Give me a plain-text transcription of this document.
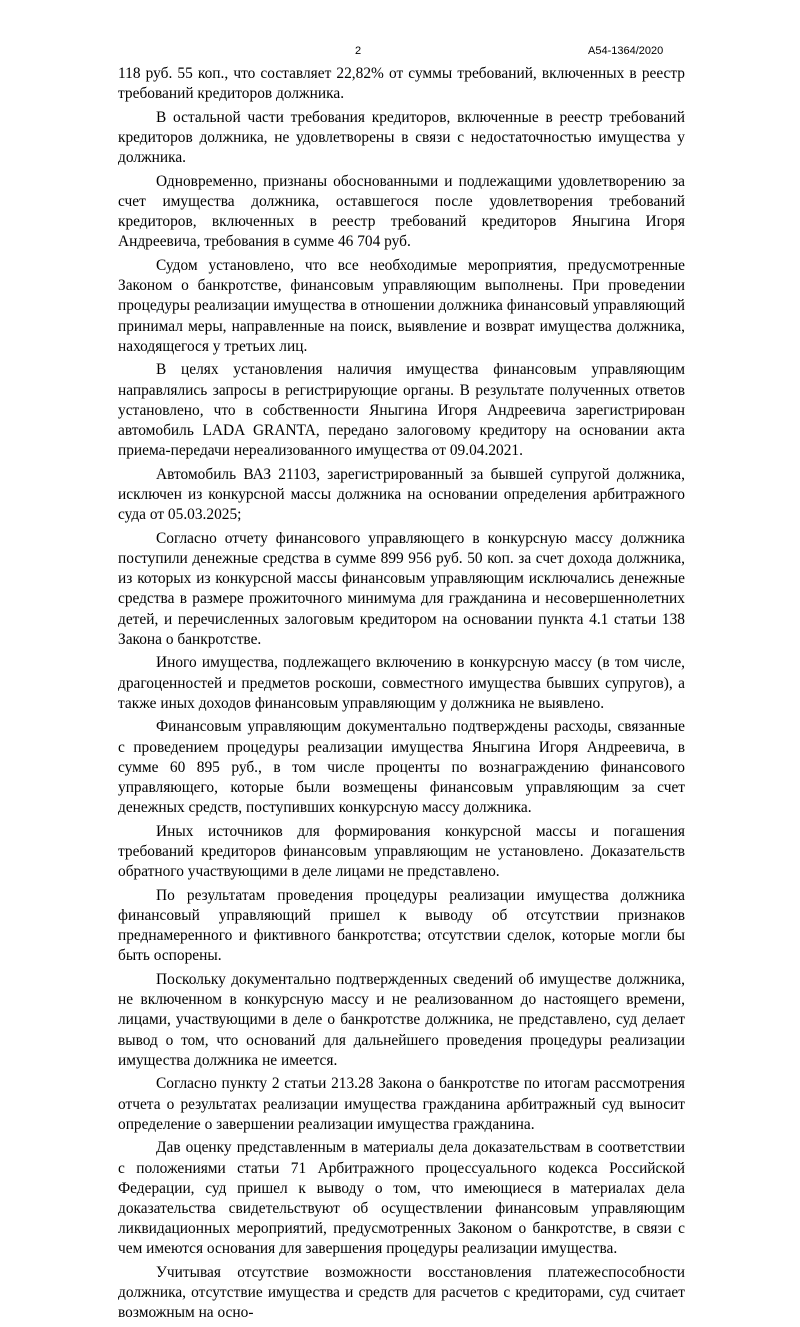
2	А54-1364/2020

118 руб. 55 коп., что составляет 22,82% от суммы требований, включенных в реестр требований кредиторов должника.

В остальной части требования кредиторов, включенные в реестр требований кредиторов должника, не удовлетворены в связи с недостаточностью имущества у должника.

Одновременно, признаны обоснованными и подлежащими удовлетворению за счет имущества должника, оставшегося после удовлетворения требований кредиторов, включенных в реестр требований кредиторов Яныгина Игоря Андреевича, требования в сумме 46 704 руб.

Судом установлено, что все необходимые мероприятия, предусмотренные Законом о банкротстве, финансовым управляющим выполнены. При проведении процедуры реализации имущества в отношении должника финансовый управляющий принимал меры, направленные на поиск, выявление и возврат имущества должника, находящегося у третьих лиц.

В целях установления наличия имущества финансовым управляющим направлялись запросы в регистрирующие органы. В результате полученных ответов установлено, что в собственности Яныгина Игоря Андреевича зарегистрирован автомобиль LADA GRANTA, передано залоговому кредитору на основании акта приема-передачи нереализованного имущества от 09.04.2021.

Автомобиль ВАЗ 21103, зарегистрированный за бывшей супругой должника, исключен из конкурсной массы должника на основании определения арбитражного суда от 05.03.2025;

Согласно отчету финансового управляющего в конкурсную массу должника поступили денежные средства в сумме 899 956 руб. 50 коп. за счет дохода должника, из которых из конкурсной массы финансовым управляющим исключались денежные средства в размере прожиточного минимума для гражданина и несовершеннолетних детей, и перечисленных залоговым кредитором на основании пункта 4.1 статьи 138 Закона о банкротстве.

Иного имущества, подлежащего включению в конкурсную массу (в том числе, драгоценностей и предметов роскоши, совместного имущества бывших супругов), а также иных доходов финансовым управляющим у должника не выявлено.

Финансовым управляющим документально подтверждены расходы, связанные с проведением процедуры реализации имущества Яныгина Игоря Андреевича, в сумме 60 895 руб., в том числе проценты по вознаграждению финансового управляющего, которые были возмещены финансовым управляющим за счет денежных средств, поступивших конкурсную массу должника.

Иных источников для формирования конкурсной массы и погашения требований кредиторов финансовым управляющим не установлено. Доказательств обратного участвующими в деле лицами не представлено.

По результатам проведения процедуры реализации имущества должника финансовый управляющий пришел к выводу об отсутствии признаков преднамеренного и фиктивного банкротства; отсутствии сделок, которые могли бы быть оспорены.

Поскольку документально подтвержденных сведений об имуществе должника, не включенном в конкурсную массу и не реализованном до настоящего времени, лицами, участвующими в деле о банкротстве должника, не представлено, суд делает вывод о том, что оснований для дальнейшего проведения процедуры реализации имущества должника не имеется.

Согласно пункту 2 статьи 213.28 Закона о банкротстве по итогам рассмотрения отчета о результатах реализации имущества гражданина арбитражный суд выносит определение о завершении реализации имущества гражданина.

Дав оценку представленным в материалы дела доказательствам в соответствии с положениями статьи 71 Арбитражного процессуального кодекса Российской Федерации, суд пришел к выводу о том, что имеющиеся в материалах дела доказательства свидетельствуют об осуществлении финансовым управляющим ликвидационных мероприятий, предусмотренных Законом о банкротстве, в связи с чем имеются основания для завершения процедуры реализации имущества.

Учитывая отсутствие возможности восстановления платежеспособности должника, отсутствие имущества и средств для расчетов с кредиторами, суд считает возможным на осно-
